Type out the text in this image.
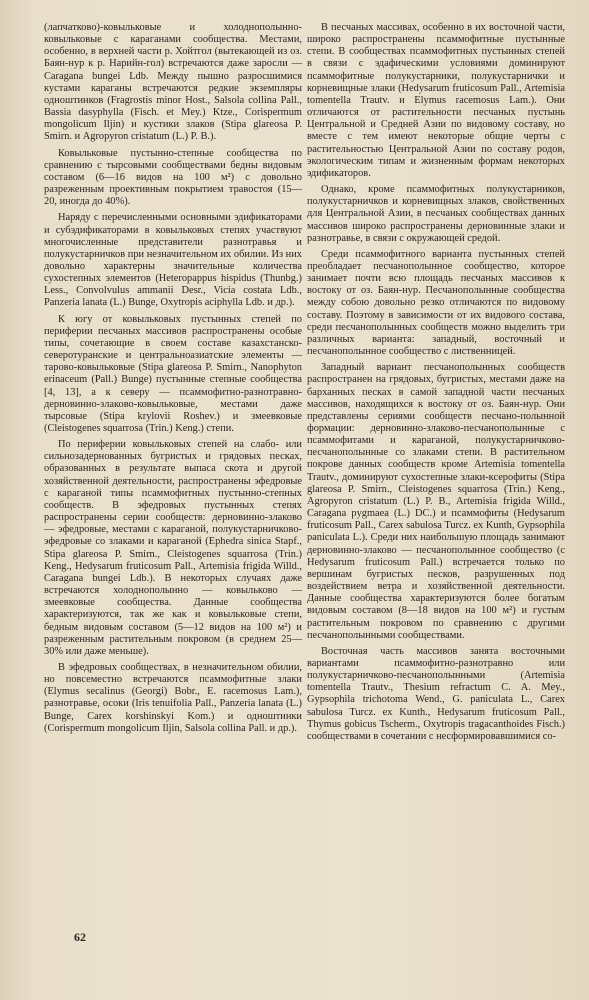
(лапчатково)-ковыльковые и холоднополынно-ковыльковые с караганами сообщества. Местами, особенно, в верхней части р. Хойтгол (вытекающей из оз. Баян-нур к р. Нарийн-гол) встречаются даже заросли — Caragana bungei Ldb. Между пышно разросшимися кустами караганы встречаются редкие экземпляры одноштинков (Fragrostis minor Host., Salsola collina Pall., Bassia dasyphylla (Fisch. et Mey.) Ktze., Corispermum mongolicum Iljin) и кустики злаков (Stipa glareosa P. Smirn. и Agropyron cristatum (L.) P. B.).

Ковыльковые пустынно-степные сообщества по сравнению с тырсовыми сообществами бедны видовым составом (6—16 видов на 100 м²) с довольно разреженным проективным покрытием травостоя (15—20, иногда до 40%).

Наряду с перечисленными основными эдификаторами и субэдификаторами в ковыльковых степях участвуют многочисленные представители разнотравья и полукустарничков при незначительном их обилии. Из них довольно характерны значительные количества сухостепных элементов (Heteropappus hispidus (Thunbg.) Less., Convolvulus ammanii Desr., Vicia costata Ldb., Panzeria lanata (L.) Bunge, Oxytropis aciphylla Ldb. и др.).

К югу от ковыльковых пустынных степей по периферии песчаных массивов распространены особые типы, сочетающие в своем составе казахстанско-северотуранские и центральноазиатские элементы — тарово-ковыльковые (Stipa glareosa P. Smirn., Nanophyton erinaceum (Pall.) Bunge) пустынные степные сообщества [4, 13], а к северу — псаммофитно-разнотравно-дерновинно-злаково-ковыльковые, местами даже тырсовые (Stipa krylovii Roshev.) и змеевковые (Cleistogenes squarrosa (Trin.) Keng.) степи.

По периферии ковыльковых степей на слабо- или сильнозадернованных бугристых и грядовых песках, образованных в результате выпаса скота и другой хозяйственной деятельности, распространены эфедровые с караганой типы псаммофитных пустынно-степных сообществ. В эфедровых пустынных степях распространены серии сообществ: дерновинно-злаково — эфедровые, местами с караганой, полукустарничково-эфедровые со злаками и караганой (Ephedra sinica Stapf., Stipa glareosa P. Smirn., Cleistogenes squarrosa (Trin.) Keng., Hedysarum fruticosum Pall., Artemisia frigida Willd., Caragana bungei Ldb.). В некоторых случаях даже встречаются холоднополынно — ковыльково — змеевковые сообщества. Данные сообщества характеризуются, так же как и ковыльковые степи, бедным видовым составом (5—12 видов на 100 м²) и разреженным растительным покровом (в среднем 25—30% или даже меньше).

В эфедровых сообществах, в незначительном обилии, но повсеместно встречаются псаммофитные злаки (Elymus secalinus (Georgi) Bobr., E. racemosus Lam.), разнотравье, осоки (Iris tenuifolia Pall., Panzeria lanata (L.) Bunge, Carex korshinskyi Kom.) и одноштинки (Corispermum mongolicum Iljin, Salsola collina Pall. и др.).

В песчаных массивах, особенно в их восточной части, широко распространены псаммофитные пустынные степи. В сообществах псаммофитных пустынных степей в связи с эдафическими условиями доминируют псаммофитные полукустарники, полукустарнички и корневищные злаки (Hedysarum fruticosum Pall., Artemisia tomentella Trautv. и Elymus racemosus Lam.). Они отличаются от растительности песчаных пустынь Центральной и Средней Азии по видовому составу, но вместе с тем имеют некоторые общие черты с растительностью Центральной Азии по составу родов, экологическим типам и жизненным формам некоторых эдификаторов.

Однако, кроме псаммофитных полукустарников, полукустарничков и корневищных злаков, свойственных для Центральной Азии, в песчаных сообществах данных массивов широко распространены дерновинные злаки и разнотравье, в связи с окружающей средой.

Среди псаммофитного варианта пустынных степей преобладает песчанополынное сообщество, которое занимает почти всю площадь песчаных массивов к востоку от оз. Баян-нур. Песчанополынные сообщества между собою довольно резко отличаются по видовому составу. Поэтому в зависимости от их видового состава, среди песчанополынных сообществ можно выделить три различных варианта: западный, восточный и песчанополынное сообщество с лиственницей.

Западный вариант песчанополынных сообществ распространен на грядовых, бугристых, местами даже на барханных песках в самой западной части песчаных массивов, находящихся к востоку от оз. Баян-нур. Они представлены сериями сообществ песчано-полынной формации: дерновинно-злаково-песчанополынные с псаммофитами и караганой, полукустарничково-песчанополынные со злаками степи. В растительном покрове данных сообществ кроме Artemisia tomentella Trautv., доминируют сухостепные злаки-ксерофиты (Stipa glareosa P. Smirn., Cleistogenes squarrosa (Trin.) Keng., Agropyron cristatum (L.) P. B., Artemisia frigida Willd., Caragana pygmaea (L.) DC.) и псаммофиты (Hedysarum fruticosum Pall., Carex sabulosa Turcz. ex Kunth, Gypsophila paniculata L.). Среди них наибольшую площадь занимают дерновинно-злаково — песчанополынное сообщество (с Hedysarum fruticosum Pall.) встречается только по вершинам бугристых песков, разрушенных под воздействием ветра и хозяйственной деятельности. Данные сообщества характеризуются более богатым видовым составом (8—18 видов на 100 м²) и густым растительным покровом по сравнению с другими песчанополынными сообществами.

Восточная часть массивов занята восточными вариантами псаммофитно-разнотравно или полукустарничково-песчанополынными (Artemisia tomentella Trautv., Thesium refractum C. A. Mey., Gypsophila trichotoma Wend., G. paniculata L., Carex sabulosa Turcz. ex Kunth., Hedysarum fruticosum Pall., Thymus gobicus Tscherm., Oxytropis tragacanthoides Fisch.) сообществами в сочетании с несформировавшимися со-

62
